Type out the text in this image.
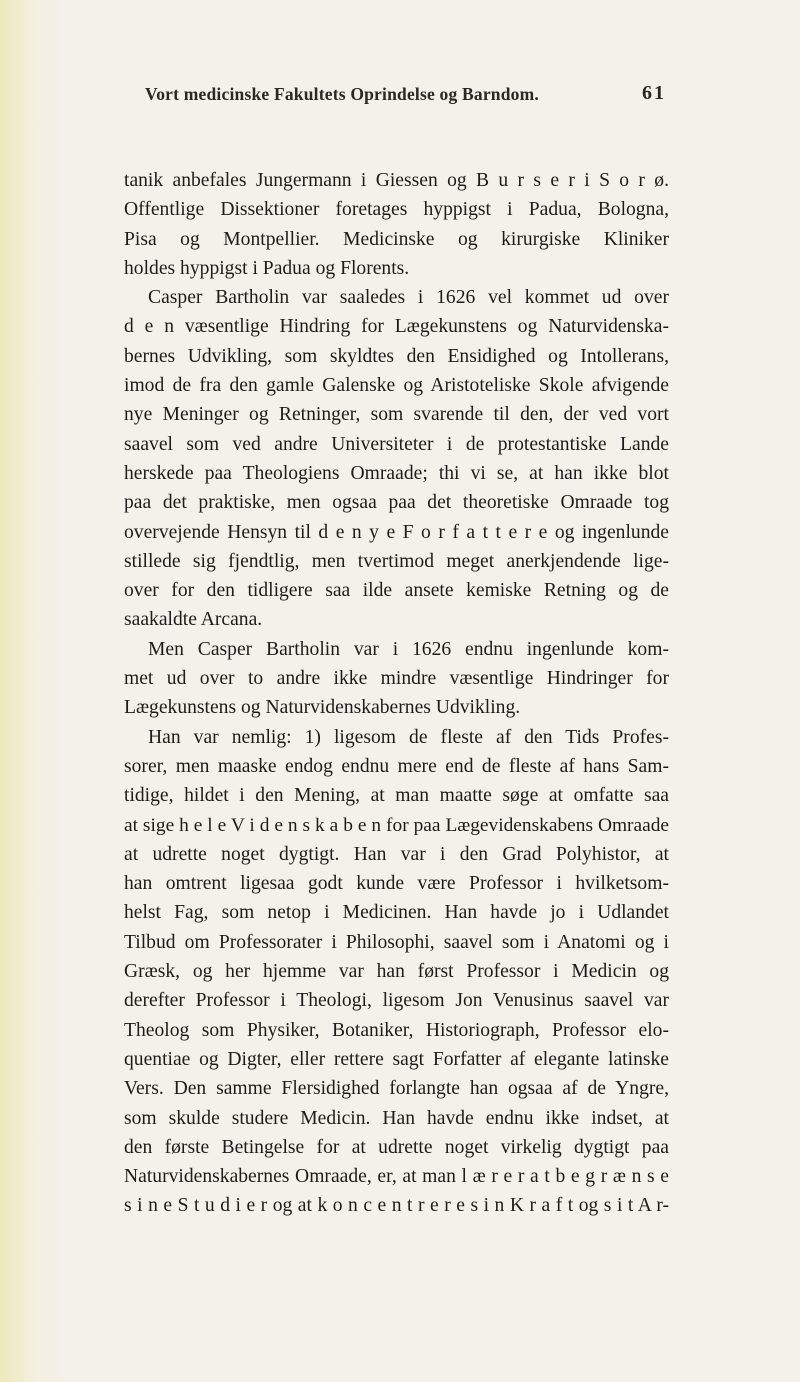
Vort medicinske Fakultets Oprindelse og Barndom.	61
tanik anbefales Jungermann i Giessen og B u r s e r i S o r ø.
Offentlige Dissektioner foretages hyppigst i Padua, Bologna,
Pisa og Montpellier. Medicinske og kirurgiske Kliniker
holdes hyppigst i Padua og Florents.
Casper Bartholin var saaledes i 1626 vel kommet ud over
d e n væsentlige Hindring for Lægekunstens og Naturvidenska-
bernes Udvikling, som skyldtes den Ensidighed og Intollerans,
imod de fra den gamle Galenske og Aristoteliske Skole afvigende
nye Meninger og Retninger, som svarende til den, der ved vort
saavel som ved andre Universiteter i de protestantiske Lande
herskede paa Theologiens Omraade; thi vi se, at han ikke blot
paa det praktiske, men ogsaa paa det theoretiske Omraade tog
overvejende Hensyn til d e n y e F o r f a t t e r e og ingenlunde
stillede sig fjendtlig, men tvertimod meget anerkjendende lige-
over for den tidligere saa ilde ansete kemiske Retning og de
saakaldte Arcana.
Men Casper Bartholin var i 1626 endnu ingenlunde kom-
met ud over to andre ikke mindre væsentlige Hindringer for
Lægekunstens og Naturvidenskabernes Udvikling.
Han var nemlig: 1) ligesom de fleste af den Tids Profes-
sorer, men maaske endog endnu mere end de fleste af hans Sam-
tidige, hildet i den Mening, at man maatte søge at omfatte saa
at sige h e l e V i d e n s k a b e n for paa Lægevidenskabens Omraade
at udrette noget dygtigt. Han var i den Grad Polyhistor, at
han omtrent ligesaa godt kunde være Professor i hvilketsom-
helst Fag, som netop i Medicinen. Han havde jo i Udlandet
Tilbud om Professorater i Philosophi, saavel som i Anatomi og i
Græsk, og her hjemme var han først Professor i Medicin og
derefter Professor i Theologi, ligesom Jon Venusinus saavel var
Theolog som Physiker, Botaniker, Historiograph, Professor elo-
quentiae og Digter, eller rettere sagt Forfatter af elegante latinske
Vers. Den samme Flersidighed forlangte han ogsaa af de Yngre,
som skulde studere Medicin. Han havde endnu ikke indset, at
den første Betingelse for at udrette noget virkelig dygtigt paa
Naturvidenskabernes Omraade, er, at man l æ r e r a t b e g r æ n s e
s i n e S t u d i e r og at k o n c e n t r e r e s i n K r a f t og s i t A r-
